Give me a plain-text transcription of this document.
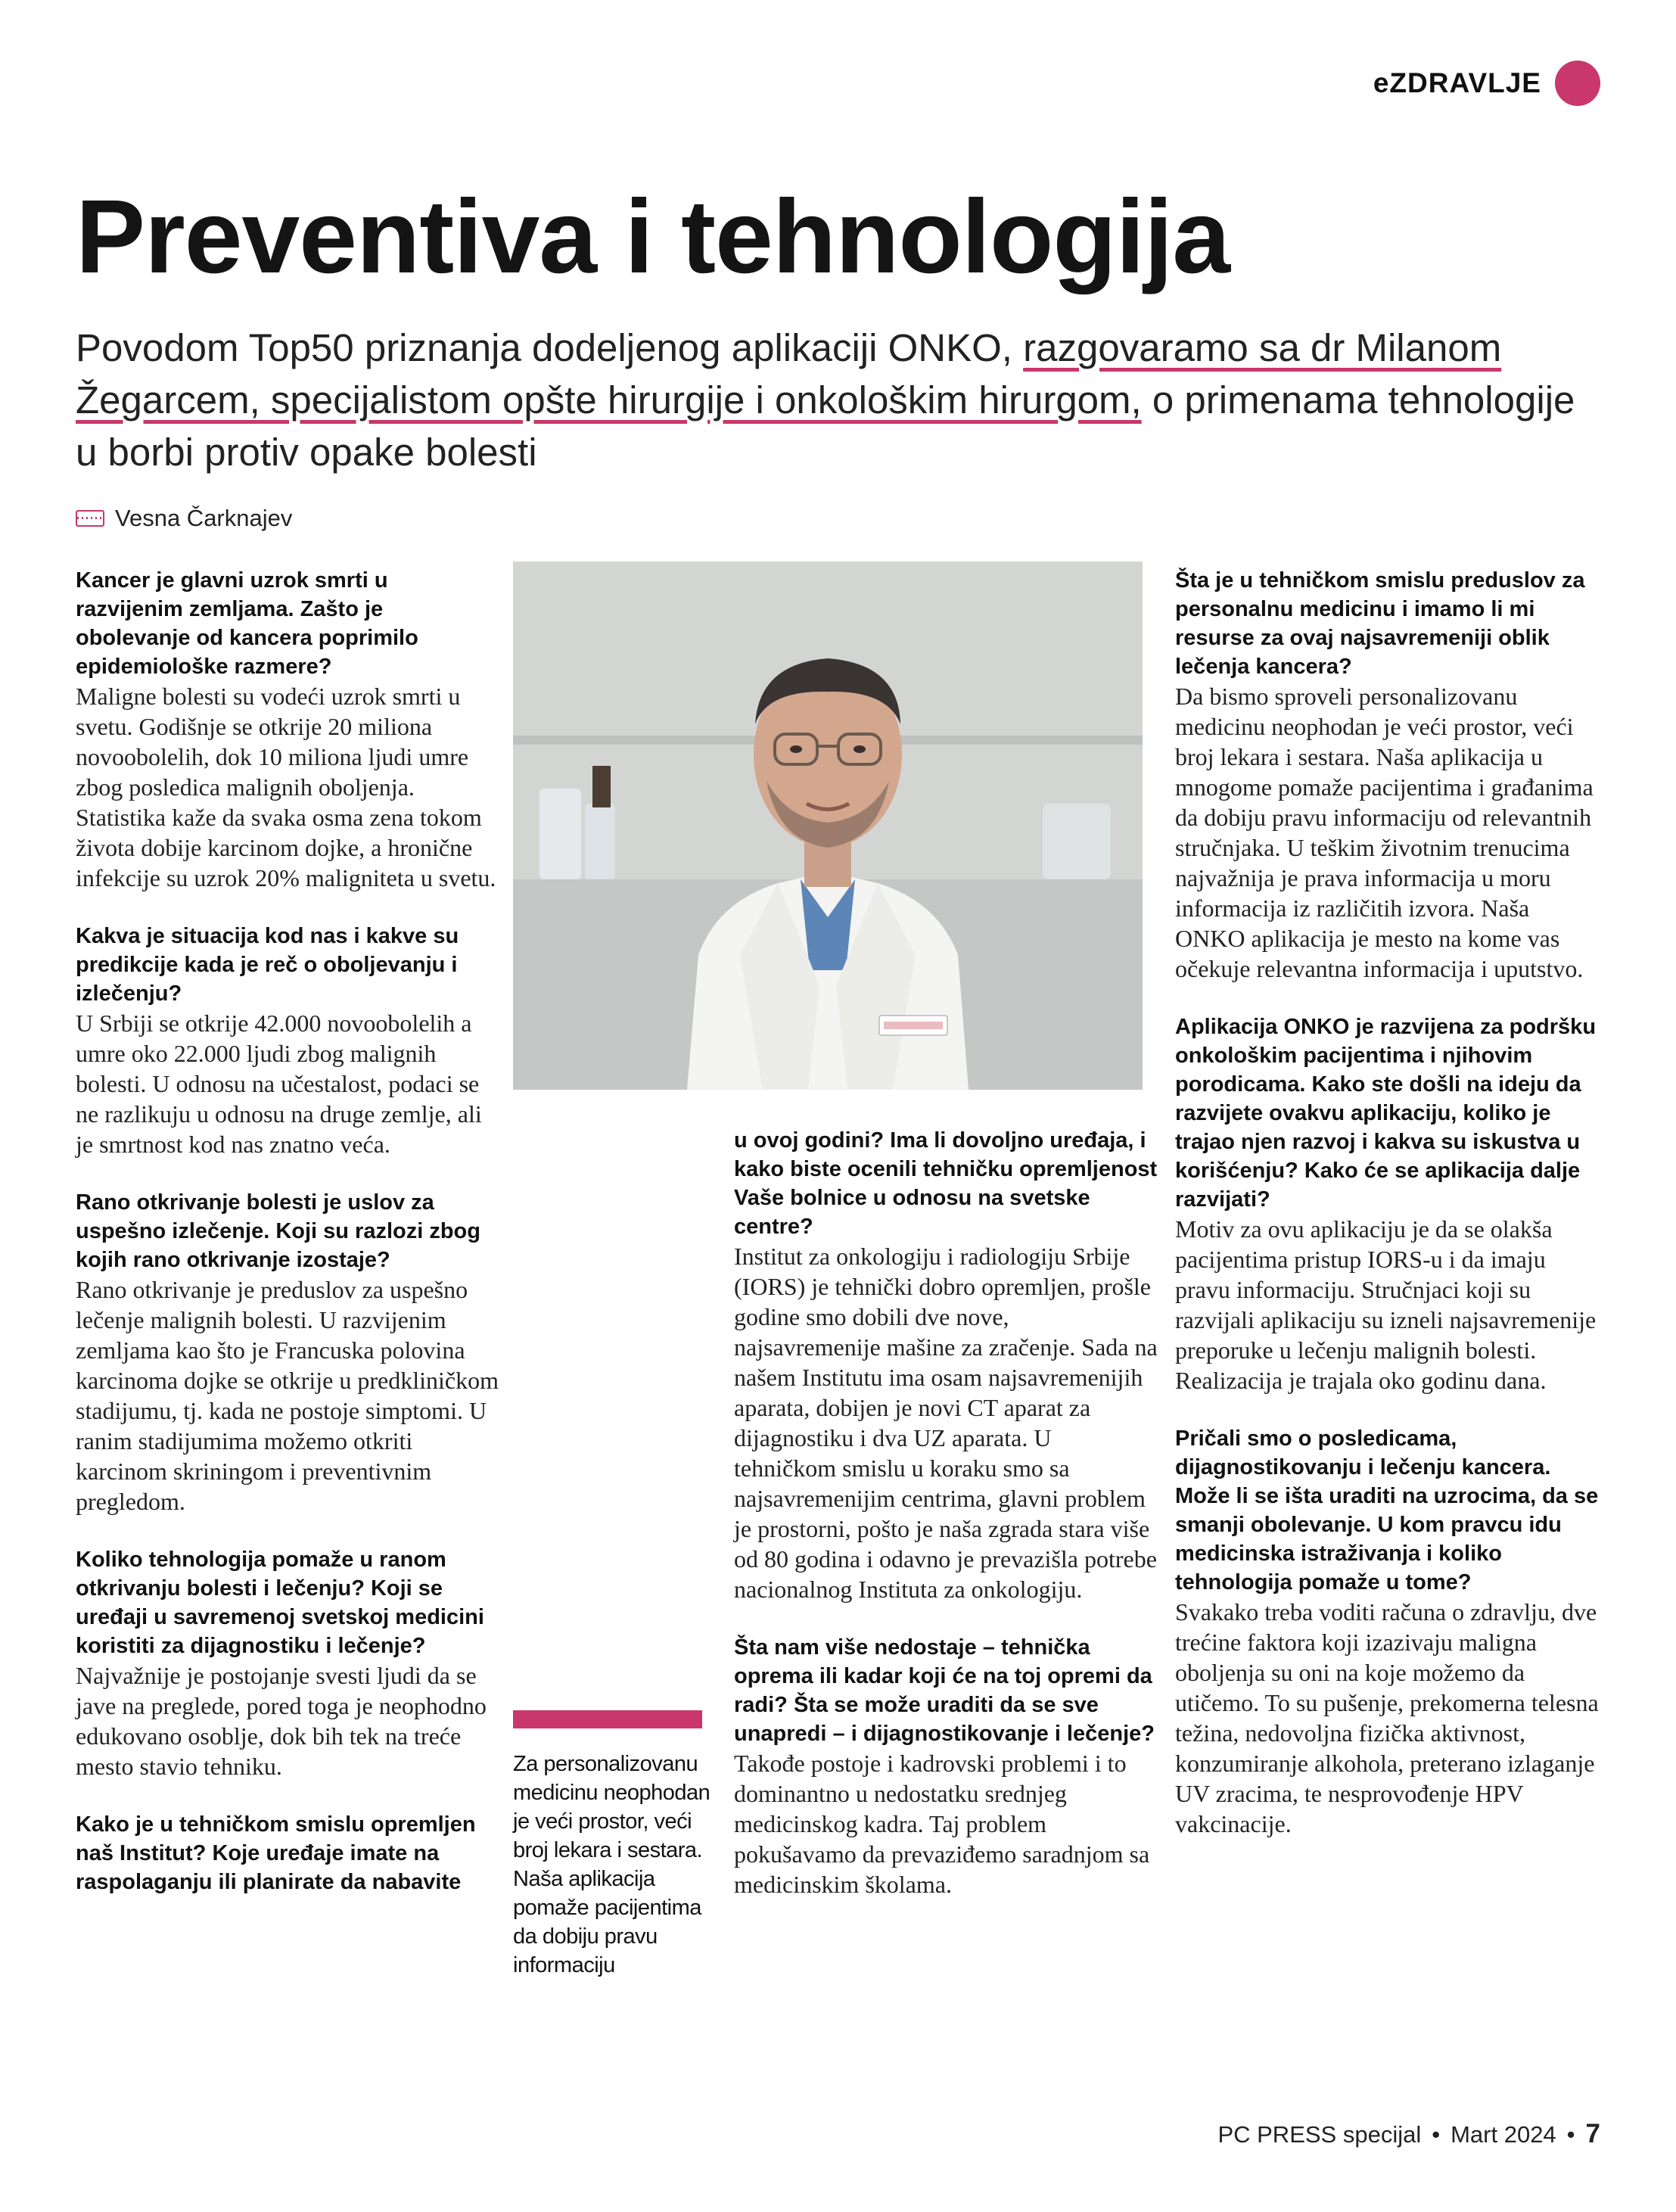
eZDRAVLJE
Preventiva i tehnologija

Povodom Top50 priznanja dodeljenog aplikaciji ONKO, razgovaramo sa dr Milanom Žegarcem, specijalistom opšte hirurgije i onkološkim hirurgom, o primenama tehnologije u borbi protiv opake bolesti

Vesna Čarknajev

Kancer je glavni uzrok smrti u razvijenim zemljama. Zašto je obolevanje od kancera poprimilo epidemiološke razmere?

Maligne bolesti su vodeći uzrok smrti u svetu. Godišnje se otkrije 20 miliona novoobolelih, dok 10 miliona ljudi umre zbog posledica malignih oboljenja. Statistika kaže da svaka osma zena tokom života dobije karcinom dojke, a hronične infekcije su uzrok 20% maligniteta u svetu.

Kakva je situacija kod nas i kakve su predikcije kada je reč o oboljevanju i izlečenju?

U Srbiji se otkrije 42.000 novoobolelih a umre oko 22.000 ljudi zbog malignih bolesti. U odnosu na učestalost, podaci se ne razlikuju u odnosu na druge zemlje, ali je smrtnost kod nas znatno veća.

Rano otkrivanje bolesti je uslov za uspešno izlečenje. Koji su razlozi zbog kojih rano otkrivanje izostaje?

Rano otkrivanje je preduslov za uspešno lečenje malignih bolesti. U razvijenim zemljama kao što je Francuska polovina karcinoma dojke se otkrije u predkliničkom stadijumu, tj. kada ne postoje simptomi. U ranim stadijumima možemo otkriti karcinom skriningom i preventivnim pregledom.

Koliko tehnologija pomaže u ranom otkrivanju bolesti i lečenju? Koji se uređaji u savremenoj svetskoj medicini koristiti za dijagnostiku i lečenje?

Najvažnije je postojanje svesti ljudi da se jave na preglede, pored toga je neophodno edukovano osoblje, dok bih tek na treće mesto stavio tehniku.

Kako je u tehničkom smislu opremljen naš Institut? Koje uređaje imate na raspolaganju ili planirate da nabavite

u ovoj godini? Ima li dovoljno uređaja, i kako biste ocenili tehničku opremljenost Vaše bolnice u odnosu na svetske centre?

Institut za onkologiju i radiologiju Srbije (IORS) je tehnički dobro opremljen, prošle godine smo dobili dve nove, najsavremenije mašine za zračenje. Sada na našem Institutu ima osam najsavremenijih aparata, dobijen je novi CT aparat za dijagnostiku i dva UZ aparata. U tehničkom smislu u koraku smo sa najsavremenijim centrima, glavni problem je prostorni, pošto je naša zgrada stara više od 80 godina i odavno je prevazišla potrebe nacionalnog Instituta za onkologiju.

Šta nam više nedostaje – tehnička oprema ili kadar koji će na toj opremi da radi? Šta se može uraditi da se sve unapredi – i dijagnostikovanje i lečenje?

Takođe postoje i kadrovski problemi i to dominantno u nedostatku srednjeg medicinskog kadra. Taj problem pokušavamo da prevaziđemo saradnjom sa medicinskim školama.

Za personalizovanu medicinu neophodan je veći prostor, veći broj lekara i sestara. Naša aplikacija pomaže pacijentima da dobiju pravu informaciju

Šta je u tehničkom smislu preduslov za personalnu medicinu i imamo li mi resurse za ovaj najsavremeniji oblik lečenja kancera?

Da bismo sproveli personalizovanu medicinu neophodan je veći prostor, veći broj lekara i sestara. Naša aplikacija u mnogome pomaže pacijentima i građanima da dobiju pravu informaciju od relevantnih stručnjaka. U teškim životnim trenucima najvažnija je prava informacija u moru informacija iz različitih izvora. Naša ONKO aplikacija je mesto na kome vas očekuje relevantna informacija i uputstvo.

Aplikacija ONKO je razvijena za podršku onkološkim pacijentima i njihovim porodicama. Kako ste došli na ideju da razvijete ovakvu aplikaciju, koliko je trajao njen razvoj i kakva su iskustva u korišćenju? Kako će se aplikacija dalje razvijati?

Motiv za ovu aplikaciju je da se olakša pacijentima pristup IORS-u i da imaju pravu informaciju. Stručnjaci koji su razvijali aplikaciju su izneli najsavremenije preporuke u lečenju malignih bolesti. Realizacija je trajala oko godinu dana.

Pričali smo o posledicama, dijagnostikovanju i lečenju kancera. Može li se išta uraditi na uzrocima, da se smanji obolevanje. U kom pravcu idu medicinska istraživanja i koliko tehnologija pomaže u tome?

Svakako treba voditi računa o zdravlju, dve trećine faktora koji izazivaju maligna oboljenja su oni na koje možemo da utičemo. To su pušenje, prekomerna telesna težina, nedovoljna fizička aktivnost, konzumiranje alkohola, preterano izlaganje UV zracima, te nesprovođenje HPV vakcinacije.

PC PRESS specijal • Mart 2024 • 7
